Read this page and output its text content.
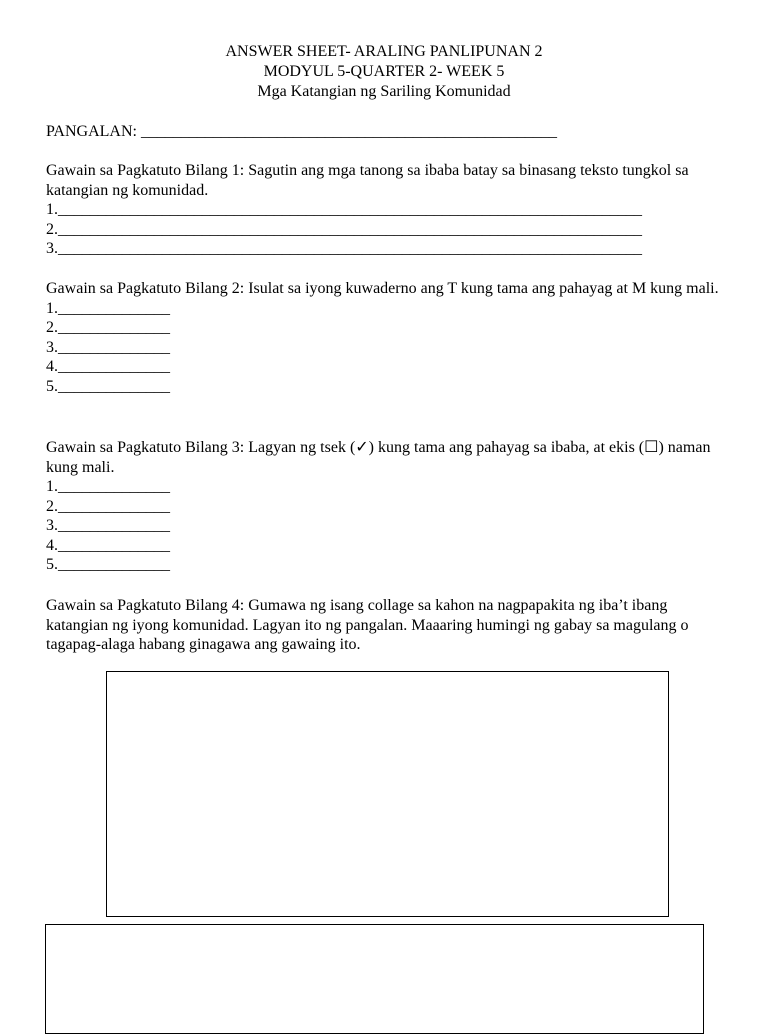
ANSWER SHEET- ARALING PANLIPUNAN 2
MODYUL 5-QUARTER 2- WEEK 5
Mga Katangian ng Sariling Komunidad
PANGALAN: ____________________________________________________

Gawain sa Pagkatuto Bilang 1: Sagutin ang mga tanong sa ibaba batay sa binasang teksto tungkol sa katangian ng komunidad.

1._________________________________________________________________________
2._________________________________________________________________________
3._________________________________________________________________________

Gawain sa Pagkatuto Bilang 2: Isulat sa iyong kuwaderno ang T kung tama ang pahayag at M kung mali.

1.______________
2.______________
3.______________
4.______________
5.______________

Gawain sa Pagkatuto Bilang 3: Lagyan ng tsek (✓) kung tama ang pahayag sa ibaba, at ekis (☐) naman kung mali.

1.______________
2.______________
3.______________
4.______________
5.______________

Gawain sa Pagkatuto Bilang 4: Gumawa ng isang collage sa kahon na nagpapakita ng iba’t ibang katangian ng iyong komunidad. Lagyan ito ng pangalan. Maaaring humingi ng gabay sa magulang o tagapag-alaga habang ginagawa ang gawaing ito.
